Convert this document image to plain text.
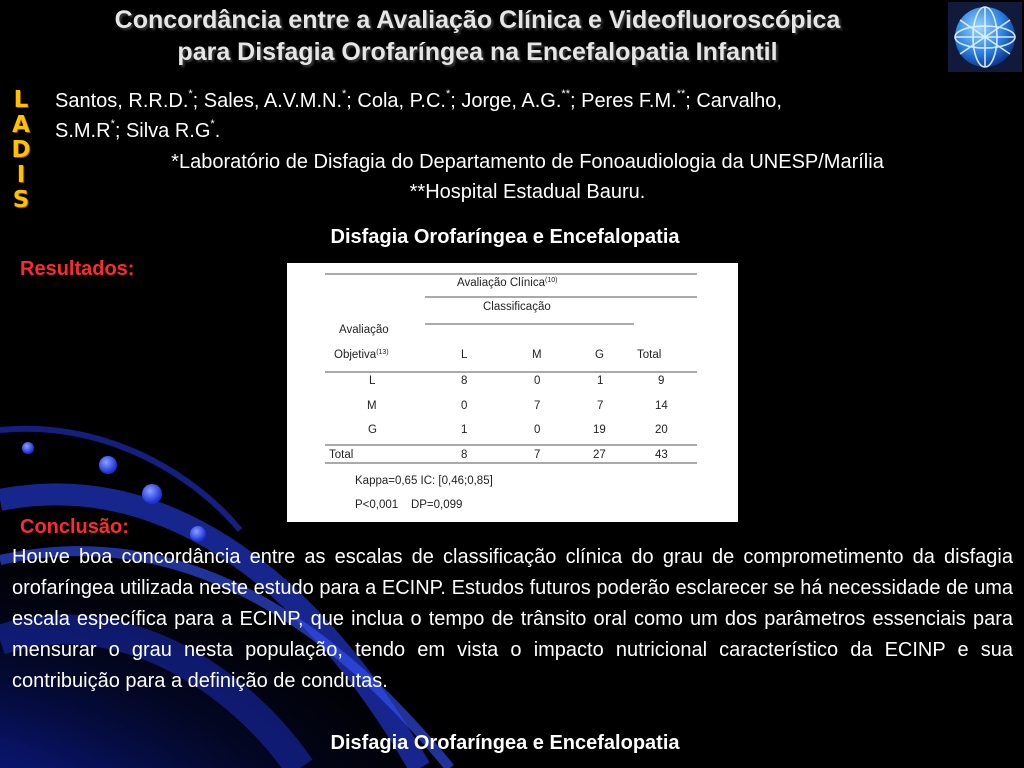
Concordância entre a Avaliação Clínica e Videofluoroscópica
para Disfagia Orofaríngea na Encefalopatia Infantil
L
A
D
I
S
Santos, R.R.D.*; Sales, A.V.M.N.*; Cola, P.C.*; Jorge, A.G.**; Peres F.M.**; Carvalho,
S.M.R*; Silva R.G*.
*Laboratório de Disfagia do Departamento de Fonoaudiologia da UNESP/Marília
**Hospital Estadual Bauru.
Disfagia Orofaríngea e Encefalopatia
Resultados:
Avaliação Clínica$^{(10)}$
Classificação
Avaliação
Objetiva$^{(13)}$	L	M	G	Total
L	8	0	1	9
M	0	7	7	14
G	1	0	19	20
Total	8	7	27	43
Kappa=0,65 IC: [0,46;0,85]
P<0,001    DP=0,099
Conclusão:
Houve boa concordância entre as escalas de classificação clínica do grau de comprometimento da disfagia orofaríngea utilizada neste estudo para a ECINP. Estudos futuros poderão esclarecer se há necessidade de uma escala específica para a ECINP, que inclua o tempo de trânsito oral como um dos parâmetros essenciais para mensurar o grau nesta população, tendo em vista o impacto nutricional característico da ECINP e sua contribuição para a definição de condutas.
Disfagia Orofaríngea e Encefalopatia
